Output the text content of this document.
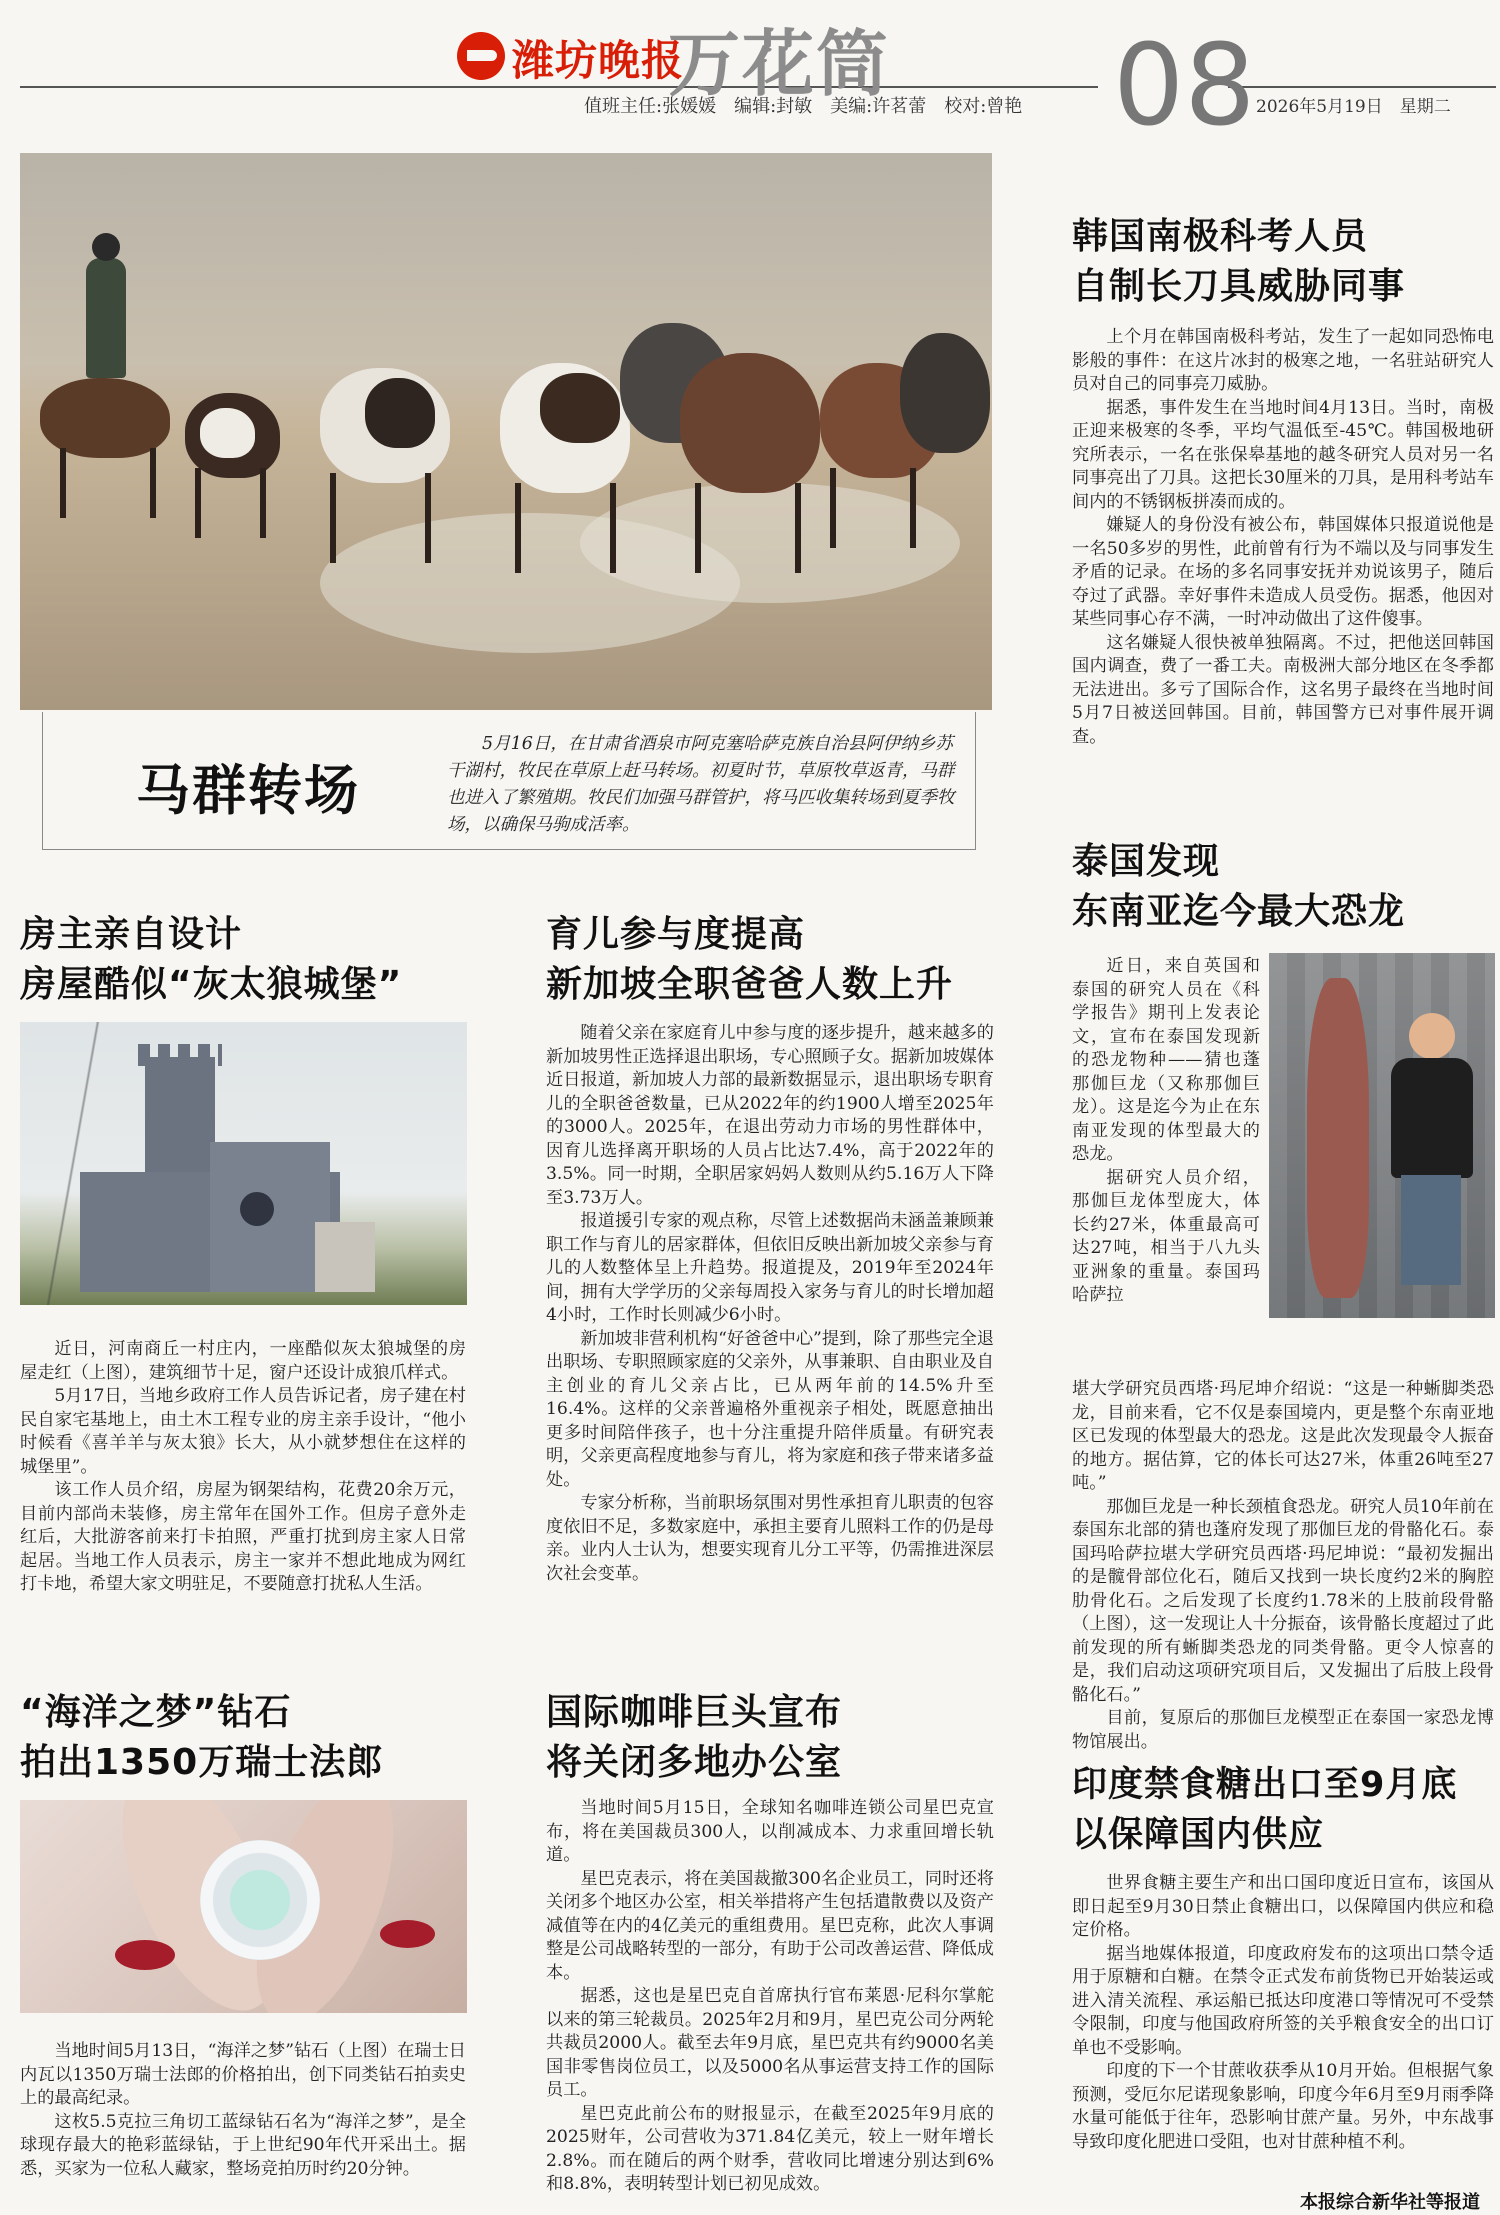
潍坊晚报
万花筒 08
值班主任:张媛媛　编辑:封敏　美编:许茗蕾　校对:曾艳	2026年5月19日　星期二
马群转场
5月16日，在甘肃省酒泉市阿克塞哈萨克族自治县阿伊纳乡苏干湖村，牧民在草原上赶马转场。初夏时节，草原牧草返青，马群也进入了繁殖期。牧民们加强马群管护，将马匹收集转场到夏季牧场，以确保马驹成活率。
韩国南极科考人员
自制长刀具威胁同事

上个月在韩国南极科考站，发生了一起如同恐怖电影般的事件：在这片冰封的极寒之地，一名驻站研究人员对自己的同事亮刀威胁。

据悉，事件发生在当地时间4月13日。当时，南极正迎来极寒的冬季，平均气温低至-45℃。韩国极地研究所表示，一名在张保皋基地的越冬研究人员对另一名同事亮出了刀具。这把长30厘米的刀具，是用科考站车间内的不锈钢板拼凑而成的。

嫌疑人的身份没有被公布，韩国媒体只报道说他是一名50多岁的男性，此前曾有行为不端以及与同事发生矛盾的记录。在场的多名同事安抚并劝说该男子，随后夺过了武器。幸好事件未造成人员受伤。据悉，他因对某些同事心存不满，一时冲动做出了这件傻事。

这名嫌疑人很快被单独隔离。不过，把他送回韩国国内调查，费了一番工夫。南极洲大部分地区在冬季都无法进出。多亏了国际合作，这名男子最终在当地时间5月7日被送回韩国。目前，韩国警方已对事件展开调查。

泰国发现
东南亚迄今最大恐龙

近日，来自英国和泰国的研究人员在《科学报告》期刊上发表论文，宣布在泰国发现新的恐龙物种——猜也蓬那伽巨龙（又称那伽巨龙）。这是迄今为止在东南亚发现的体型最大的恐龙。

据研究人员介绍，那伽巨龙体型庞大，体长约27米，体重最高可达27吨，相当于八九头亚洲象的重量。泰国玛哈萨拉

堪大学研究员西塔·玛尼坤介绍说：“这是一种蜥脚类恐龙，目前来看，它不仅是泰国境内，更是整个东南亚地区已发现的体型最大的恐龙。这是此次发现最令人振奋的地方。据估算，它的体长可达27米，体重26吨至27吨。”

那伽巨龙是一种长颈植食恐龙。研究人员10年前在泰国东北部的猜也蓬府发现了那伽巨龙的骨骼化石。泰国玛哈萨拉堪大学研究员西塔·玛尼坤说：“最初发掘出的是髋骨部位化石，随后又找到一块长度约2米的胸腔肋骨化石。之后发现了长度约1.78米的上肢前段骨骼（上图），这一发现让人十分振奋，该骨骼长度超过了此前发现的所有蜥脚类恐龙的同类骨骼。更令人惊喜的是，我们启动这项研究项目后，又发掘出了后肢上段骨骼化石。”

目前，复原后的那伽巨龙模型正在泰国一家恐龙博物馆展出。

印度禁食糖出口至9月底
以保障国内供应

世界食糖主要生产和出口国印度近日宣布，该国从即日起至9月30日禁止食糖出口，以保障国内供应和稳定价格。

据当地媒体报道，印度政府发布的这项出口禁令适用于原糖和白糖。在禁令正式发布前货物已开始装运或进入清关流程、承运船已抵达印度港口等情况可不受禁令限制，印度与他国政府所签的关乎粮食安全的出口订单也不受影响。

印度的下一个甘蔗收获季从10月开始。但根据气象预测，受厄尔尼诺现象影响，印度今年6月至9月雨季降水量可能低于往年，恐影响甘蔗产量。另外，中东战事导致印度化肥进口受阻，也对甘蔗种植不利。

房主亲自设计
房屋酷似“灰太狼城堡”

近日，河南商丘一村庄内，一座酷似灰太狼城堡的房屋走红（上图），建筑细节十足，窗户还设计成狼爪样式。

5月17日，当地乡政府工作人员告诉记者，房子建在村民自家宅基地上，由土木工程专业的房主亲手设计，“他小时候看《喜羊羊与灰太狼》长大，从小就梦想住在这样的城堡里”。

该工作人员介绍，房屋为钢架结构，花费20余万元，目前内部尚未装修，房主常年在国外工作。但房子意外走红后，大批游客前来打卡拍照，严重打扰到房主家人日常起居。当地工作人员表示，房主一家并不想此地成为网红打卡地，希望大家文明驻足，不要随意打扰私人生活。

育儿参与度提高
新加坡全职爸爸人数上升

随着父亲在家庭育儿中参与度的逐步提升，越来越多的新加坡男性正选择退出职场，专心照顾子女。据新加坡媒体近日报道，新加坡人力部的最新数据显示，退出职场专职育儿的全职爸爸数量，已从2022年的约1900人增至2025年的3000人。2025年，在退出劳动力市场的男性群体中，因育儿选择离开职场的人员占比达7.4%，高于2022年的3.5%。同一时期，全职居家妈妈人数则从约5.16万人下降至3.73万人。

报道援引专家的观点称，尽管上述数据尚未涵盖兼顾兼职工作与育儿的居家群体，但依旧反映出新加坡父亲参与育儿的人数整体呈上升趋势。报道提及，2019年至2024年间，拥有大学学历的父亲每周投入家务与育儿的时长增加超4小时，工作时长则减少6小时。

新加坡非营利机构“好爸爸中心”提到，除了那些完全退出职场、专职照顾家庭的父亲外，从事兼职、自由职业及自主创业的育儿父亲占比，已从两年前的14.5%升至16.4%。这样的父亲普遍格外重视亲子相处，既愿意抽出更多时间陪伴孩子，也十分注重提升陪伴质量。有研究表明，父亲更高程度地参与育儿，将为家庭和孩子带来诸多益处。

专家分析称，当前职场氛围对男性承担育儿职责的包容度依旧不足，多数家庭中，承担主要育儿照料工作的仍是母亲。业内人士认为，想要实现育儿分工平等，仍需推进深层次社会变革。

“海洋之梦”钻石
拍出1350万瑞士法郎

当地时间5月13日，“海洋之梦”钻石（上图）在瑞士日内瓦以1350万瑞士法郎的价格拍出，创下同类钻石拍卖史上的最高纪录。

这枚5.5克拉三角切工蓝绿钻石名为“海洋之梦”，是全球现存最大的艳彩蓝绿钻，于上世纪90年代开采出土。据悉，买家为一位私人藏家，整场竞拍历时约20分钟。

国际咖啡巨头宣布
将关闭多地办公室

当地时间5月15日，全球知名咖啡连锁公司星巴克宣布，将在美国裁员300人，以削减成本、力求重回增长轨道。

星巴克表示，将在美国裁撤300名企业员工，同时还将关闭多个地区办公室，相关举措将产生包括遣散费以及资产减值等在内的4亿美元的重组费用。星巴克称，此次人事调整是公司战略转型的一部分，有助于公司改善运营、降低成本。

据悉，这也是星巴克自首席执行官布莱恩·尼科尔掌舵以来的第三轮裁员。2025年2月和9月，星巴克公司分两轮共裁员2000人。截至去年9月底，星巴克共有约9000名美国非零售岗位员工，以及5000名从事运营支持工作的国际员工。

星巴克此前公布的财报显示，在截至2025年9月底的2025财年，公司营收为371.84亿美元，较上一财年增长2.8%。而在随后的两个财季，营收同比增速分别达到6%和8.8%，表明转型计划已初见成效。

本报综合新华社等报道
